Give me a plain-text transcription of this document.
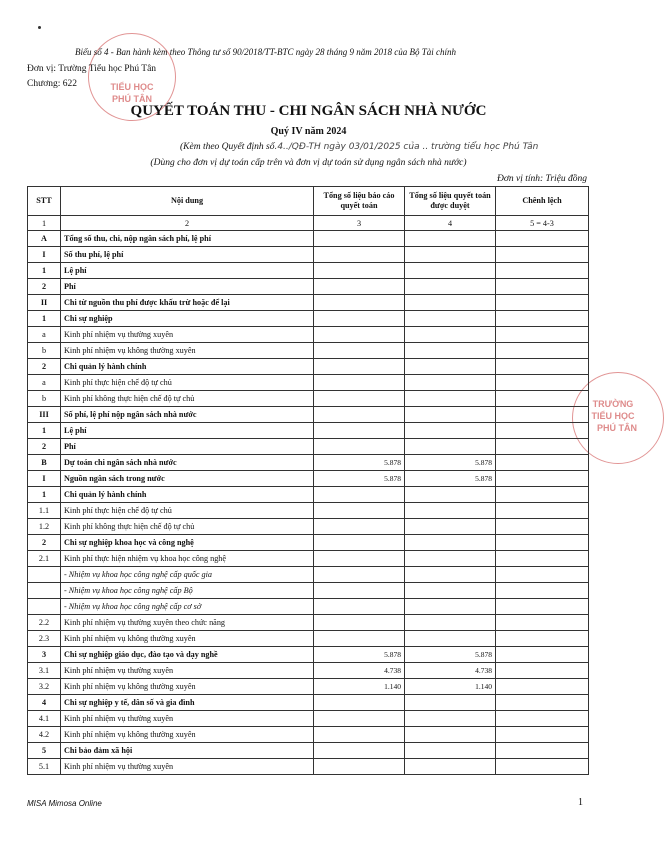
TIỂU HỌC
PHÚ TÂN
TRƯỜNG
TIỂU HỌC
PHÚ TÂN
Biểu số 4 - Ban hành kèm theo Thông tư số 90/2018/TT-BTC ngày 28 tháng 9 năm 2018 của Bộ Tài chính
Đơn vị: Trường Tiểu học Phú Tân
Chương: 622
QUYẾT TOÁN THU - CHI NGÂN SÁCH NHÀ NƯỚC
Quý IV năm 2024
(Kèm theo Quyết định số.4../QĐ-TH ngày 03/01/2025 của .. trường tiểu học Phú Tân
(Dùng cho đơn vị dự toán cấp trên và đơn vị dự toán sử dụng ngân sách nhà nước)
Đơn vị tính: Triệu đồng
STT	Nội dung	Tổng số liệu báo cáo quyết toán	Tổng số liệu quyết toán được duyệt	Chênh lệch
1	2	3	4	5 = 4-3
A	Tổng số thu, chi, nộp ngân sách phí, lệ phí			
I	Số thu phí, lệ phí			
1	Lệ phí			
2	Phí			
II	Chi từ nguồn thu phí được khấu trừ hoặc để lại			
1	Chi sự nghiệp			
a	Kinh phí nhiệm vụ thường xuyên			
b	Kinh phí nhiệm vụ không thường xuyên			
2	Chi quản lý hành chính			
a	Kinh phí thực hiện chế độ tự chủ			
b	Kinh phí không thực hiện chế độ tự chủ			
III	Số phí, lệ phí nộp ngân sách nhà nước			
1	Lệ phí			
2	Phí			
B	Dự toán chi ngân sách nhà nước	5.878	5.878	
I	Nguồn ngân sách trong nước	5.878	5.878	
1	Chi quản lý hành chính			
1.1	Kinh phí thực hiện chế độ tự chủ			
1.2	Kinh phí không thực hiện chế độ tự chủ			
2	Chi sự nghiệp khoa học và công nghệ			
2.1	Kinh phí thực hiện nhiệm vụ khoa học công nghệ			
	- Nhiệm vụ khoa học công nghệ cấp quốc gia			
	- Nhiệm vụ khoa học công nghệ cấp Bộ			
	- Nhiệm vụ khoa học công nghệ cấp cơ sở			
2.2	Kinh phí nhiệm vụ thường xuyên theo chức năng			
2.3	Kinh phí nhiệm vụ không thường xuyên			
3	Chi sự nghiệp giáo dục, đào tạo và dạy nghề	5.878	5.878	
3.1	Kinh phí nhiệm vụ thường xuyên	4.738	4.738	
3.2	Kinh phí nhiệm vụ không thường xuyên	1.140	1.140	
4	Chi sự nghiệp y tế, dân số và gia đình			
4.1	Kinh phí nhiệm vụ thường xuyên			
4.2	Kinh phí nhiệm vụ không thường xuyên			
5	Chi bảo đảm xã hội			
5.1	Kinh phí nhiệm vụ thường xuyên			
MISA Mimosa Online	1
